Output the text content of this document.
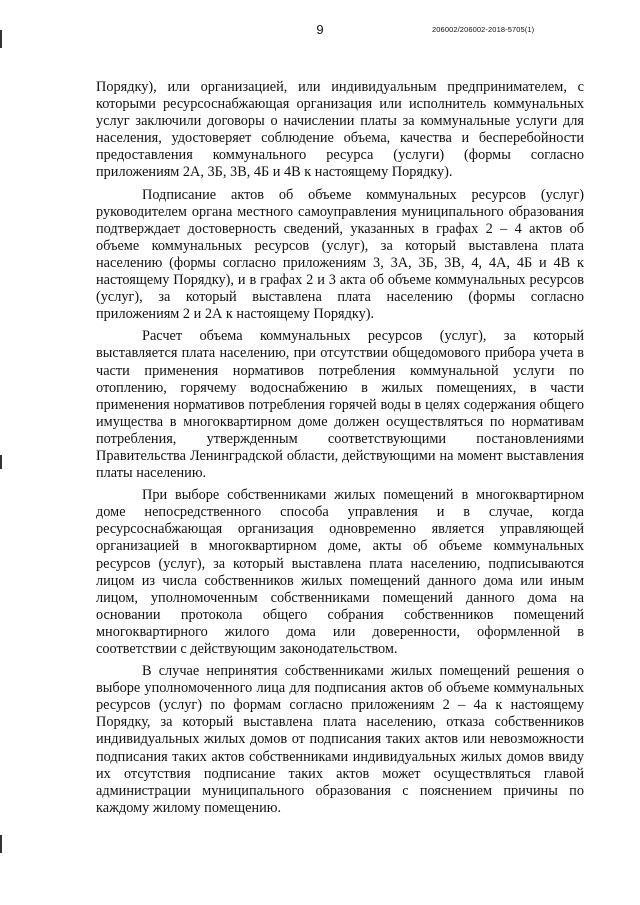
9	206002/206002-2018-5705(1)

Порядку), или организацией, или индивидуальным предпринимателем, с которыми ресурсоснабжающая организация или исполнитель коммунальных услуг заключили договоры о начислении платы за коммунальные услуги для населения, удостоверяет соблюдение объема, качества и бесперебойности предоставления коммунального ресурса (услуги) (формы согласно приложениям 2А, 3Б, 3В, 4Б и 4В к настоящему Порядку).

Подписание актов об объеме коммунальных ресурсов (услуг) руководителем органа местного самоуправления муниципального образования подтверждает достоверность сведений, указанных в графах 2 – 4 актов об объеме коммунальных ресурсов (услуг), за который выставлена плата населению (формы согласно приложениям 3, 3А, 3Б, 3В, 4, 4А, 4Б и 4В к настоящему Порядку), и в графах 2 и 3 акта об объеме коммунальных ресурсов (услуг), за который выставлена плата населению (формы согласно приложениям 2 и 2А к настоящему Порядку).

Расчет объема коммунальных ресурсов (услуг), за который выставляется плата населению, при отсутствии общедомового прибора учета в части применения нормативов потребления коммунальной услуги по отоплению, горячему водоснабжению в жилых помещениях, в части применения нормативов потребления горячей воды в целях содержания общего имущества в многоквартирном доме должен осуществляться по нормативам потребления, утвержденным соответствующими постановлениями Правительства Ленинградской области, действующими на момент выставления платы населению.

При выборе собственниками жилых помещений в многоквартирном доме непосредственного способа управления и в случае, когда ресурсоснабжающая организация одновременно является управляющей организацией в многоквартирном доме, акты об объеме коммунальных ресурсов (услуг), за который выставлена плата населению, подписываются лицом из числа собственников жилых помещений данного дома или иным лицом, уполномоченным собственниками помещений данного дома на основании протокола общего собрания собственников помещений многоквартирного жилого дома или доверенности, оформленной в соответствии с действующим законодательством.

В случае непринятия собственниками жилых помещений решения о выборе уполномоченного лица для подписания актов об объеме коммунальных ресурсов (услуг) по формам согласно приложениям 2 – 4а к настоящему Порядку, за который выставлена плата населению, отказа собственников индивидуальных жилых домов от подписания таких актов или невозможности подписания таких актов собственниками индивидуальных жилых домов ввиду их отсутствия подписание таких актов может осуществляться главой администрации муниципального образования с пояснением причины по каждому жилому помещению.
